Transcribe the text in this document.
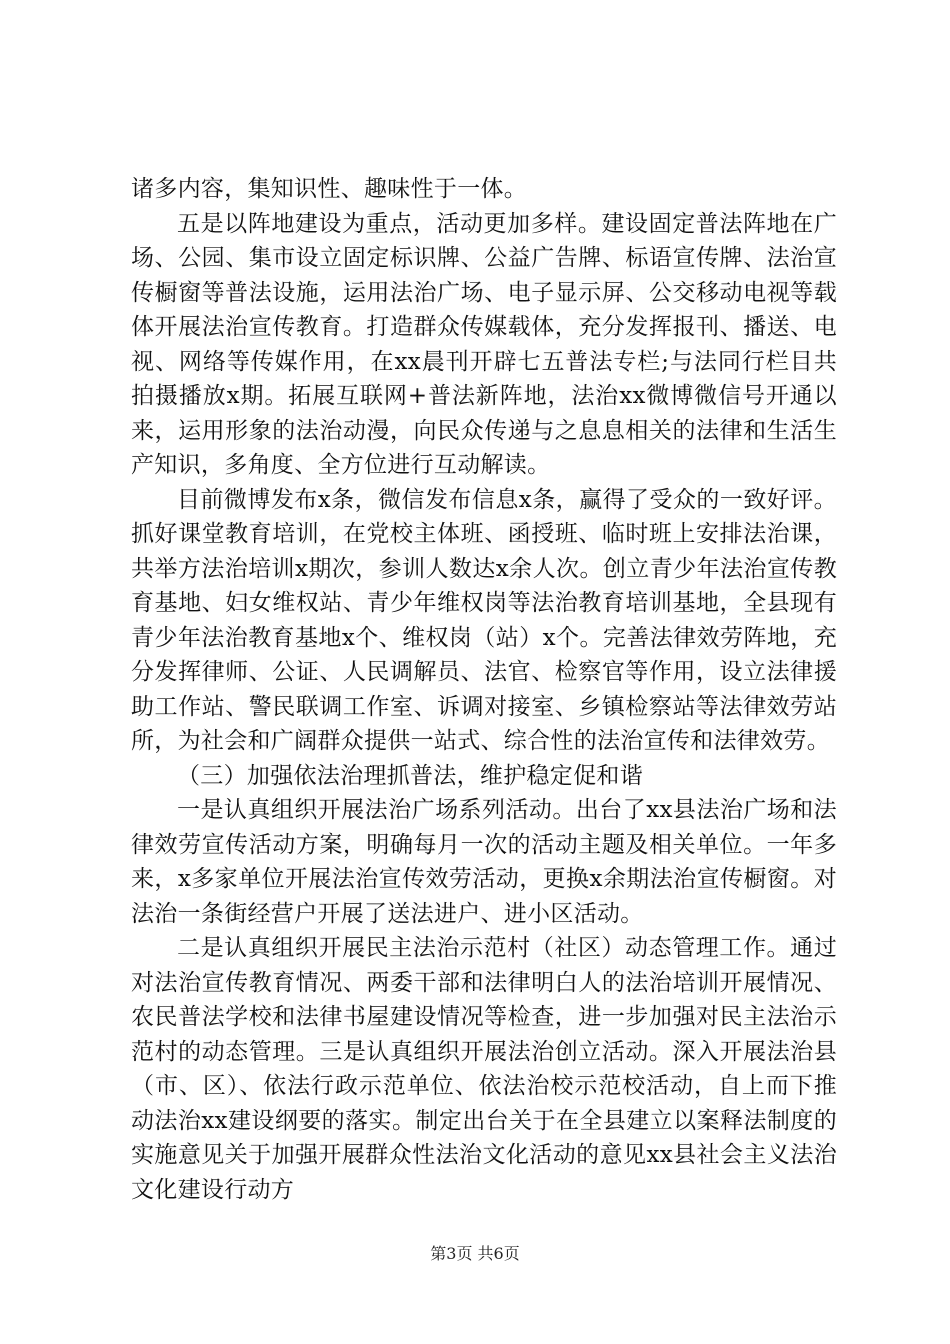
诸多内容，集知识性、趣味性于一体。

五是以阵地建设为重点，活动更加多样。建设固定普法阵地在广场、公园、集市设立固定标识牌、公益广告牌、标语宣传牌、法治宣传橱窗等普法设施，运用法治广场、电子显示屏、公交移动电视等载体开展法治宣传教育。打造群众传媒载体，充分发挥报刊、播送、电视、网络等传媒作用，在xx晨刊开辟七五普法专栏;与法同行栏目共拍摄播放x期。拓展互联网+普法新阵地，法治xx微博微信号开通以来，运用形象的法治动漫，向民众传递与之息息相关的法律和生活生产知识，多角度、全方位进行互动解读。

目前微博发布x条，微信发布信息x条，赢得了受众的一致好评。抓好课堂教育培训，在党校主体班、函授班、临时班上安排法治课，共举方法治培训x期次，参训人数达x余人次。创立青少年法治宣传教育基地、妇女维权站、青少年维权岗等法治教育培训基地，全县现有青少年法治教育基地x个、维权岗（站）x个。完善法律效劳阵地，充分发挥律师、公证、人民调解员、法官、检察官等作用，设立法律援助工作站、警民联调工作室、诉调对接室、乡镇检察站等法律效劳站所，为社会和广阔群众提供一站式、综合性的法治宣传和法律效劳。

（三）加强依法治理抓普法，维护稳定促和谐

一是认真组织开展法治广场系列活动。出台了xx县法治广场和法律效劳宣传活动方案，明确每月一次的活动主题及相关单位。一年多来，x多家单位开展法治宣传效劳活动，更换x余期法治宣传橱窗。对法治一条街经营户开展了送法进户、进小区活动。

二是认真组织开展民主法治示范村（社区）动态管理工作。通过对法治宣传教育情况、两委干部和法律明白人的法治培训开展情况、农民普法学校和法律书屋建设情况等检查，进一步加强对民主法治示范村的动态管理。三是认真组织开展法治创立活动。深入开展法治县（市、区）、依法行政示范单位、依法治校示范校活动，自上而下推动法治xx建设纲要的落实。制定出台关于在全县建立以案释法制度的实施意见关于加强开展群众性法治文化活动的意见xx县社会主义法治文化建设行动方

第3页 共6页
